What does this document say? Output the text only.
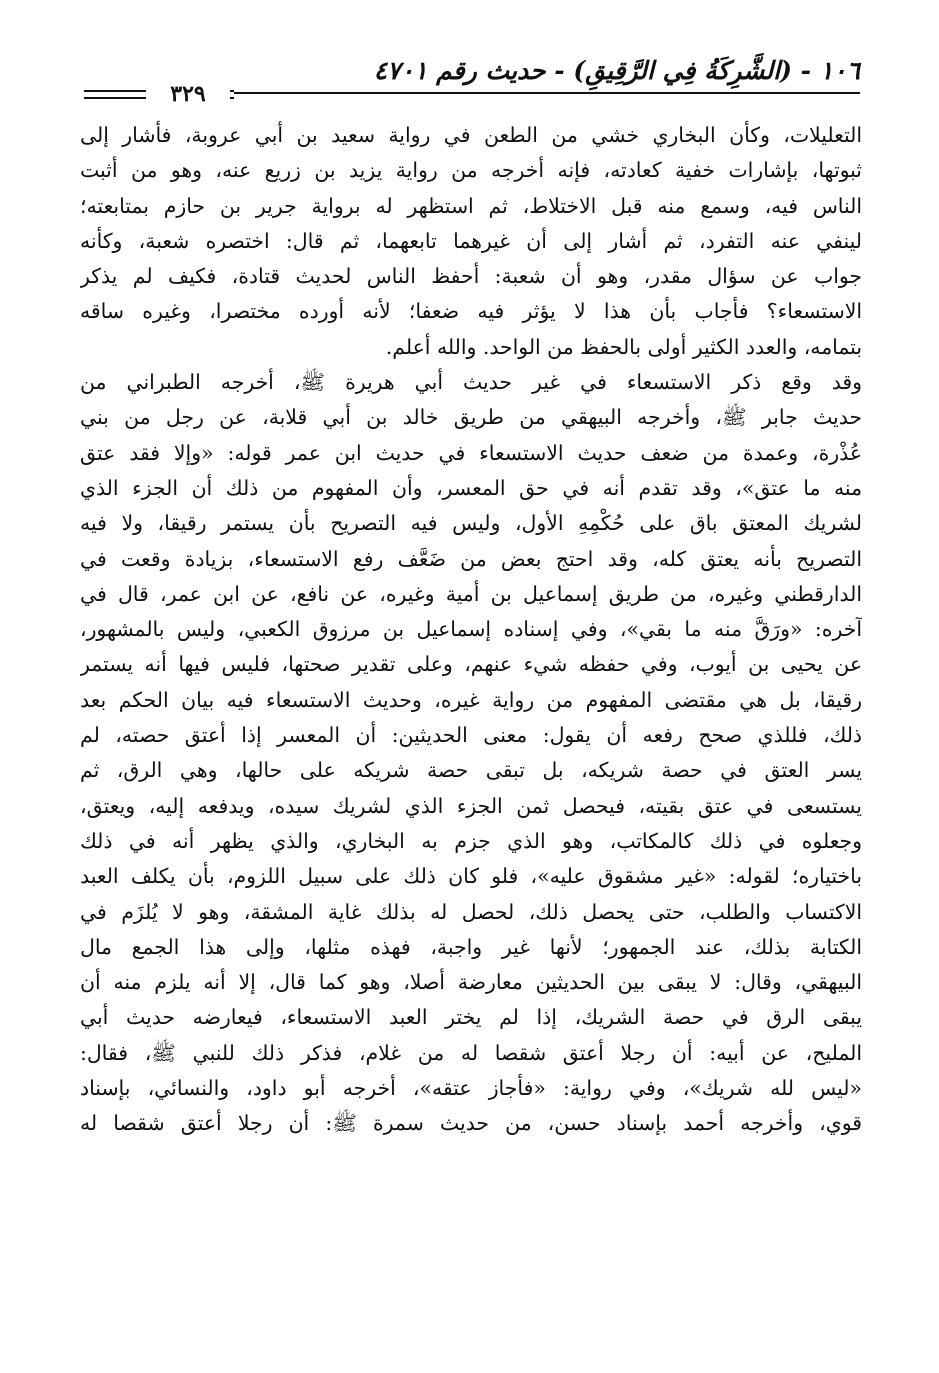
١٠٦ - (الشَّرِكَةُ فِي الرَّقِيقِ) - حديث رقم ٤٧٠١
٣٢٩
التعليلات، وكأن البخاري خشي من الطعن في رواية سعيد بن أبي عروبة، فأشار إلى
ثبوتها، بإشارات خفية كعادته، فإنه أخرجه من رواية يزيد بن زريع عنه، وهو من أثبت
الناس فيه، وسمع منه قبل الاختلاط، ثم استظهر له برواية جرير بن حازم بمتابعته؛
لينفي عنه التفرد، ثم أشار إلى أن غيرهما تابعهما، ثم قال: اختصره شعبة، وكأنه
جواب عن سؤال مقدر، وهو أن شعبة: أحفظ الناس لحديث قتادة، فكيف لم يذكر
الاستسعاء؟ فأجاب بأن هذا لا يؤثر فيه ضعفا؛ لأنه أورده مختصرا، وغيره ساقه
بتمامه، والعدد الكثير أولى بالحفظ من الواحد. والله أعلم.
وقد وقع ذكر الاستسعاء في غير حديث أبي هريرة ﷺ، أخرجه الطبراني من
حديث جابر ﷺ، وأخرجه البيهقي من طريق خالد بن أبي قلابة، عن رجل من بني
عُذْرة، وعمدة من ضعف حديث الاستسعاء في حديث ابن عمر قوله: «وإلا فقد عتق
منه ما عتق»، وقد تقدم أنه في حق المعسر، وأن المفهوم من ذلك أن الجزء الذي
لشريك المعتق باق على حُكْمِهِ الأول، وليس فيه التصريح بأن يستمر رقيقا، ولا فيه
التصريح بأنه يعتق كله، وقد احتج بعض من ضَعَّف رفع الاستسعاء، بزيادة وقعت في
الدارقطني وغيره، من طريق إسماعيل بن أمية وغيره، عن نافع، عن ابن عمر، قال في
آخره: «ورَقَّ منه ما بقي»، وفي إسناده إسماعيل بن مرزوق الكعبي، وليس بالمشهور،
عن يحيى بن أيوب، وفي حفظه شيء عنهم، وعلى تقدير صحتها، فليس فيها أنه يستمر
رقيقا، بل هي مقتضى المفهوم من رواية غيره، وحديث الاستسعاء فيه بيان الحكم بعد
ذلك، فللذي صحح رفعه أن يقول: معنى الحديثين: أن المعسر إذا أعتق حصته، لم
يسر العتق في حصة شريكه، بل تبقى حصة شريكه على حالها، وهي الرق، ثم
يستسعى في عتق بقيته، فيحصل ثمن الجزء الذي لشريك سيده، ويدفعه إليه، ويعتق،
وجعلوه في ذلك كالمكاتب، وهو الذي جزم به البخاري، والذي يظهر أنه في ذلك
باختياره؛ لقوله: «غير مشقوق عليه»، فلو كان ذلك على سبيل اللزوم، بأن يكلف العبد
الاكتساب والطلب، حتى يحصل ذلك، لحصل له بذلك غاية المشقة، وهو لا يُلزَم في
الكتابة بذلك، عند الجمهور؛ لأنها غير واجبة، فهذه مثلها، وإلى هذا الجمع مال
البيهقي، وقال: لا يبقى بين الحديثين معارضة أصلا، وهو كما قال، إلا أنه يلزم منه أن
يبقى الرق في حصة الشريك، إذا لم يختر العبد الاستسعاء، فيعارضه حديث أبي
المليح، عن أبيه: أن رجلا أعتق شقصا له من غلام، فذكر ذلك للنبي ﷺ، فقال:
«ليس لله شريك»، وفي رواية: «فأجاز عتقه»، أخرجه أبو داود، والنسائي، بإسناد
قوي، وأخرجه أحمد بإسناد حسن، من حديث سمرة ﷺ: أن رجلا أعتق شقصا له
